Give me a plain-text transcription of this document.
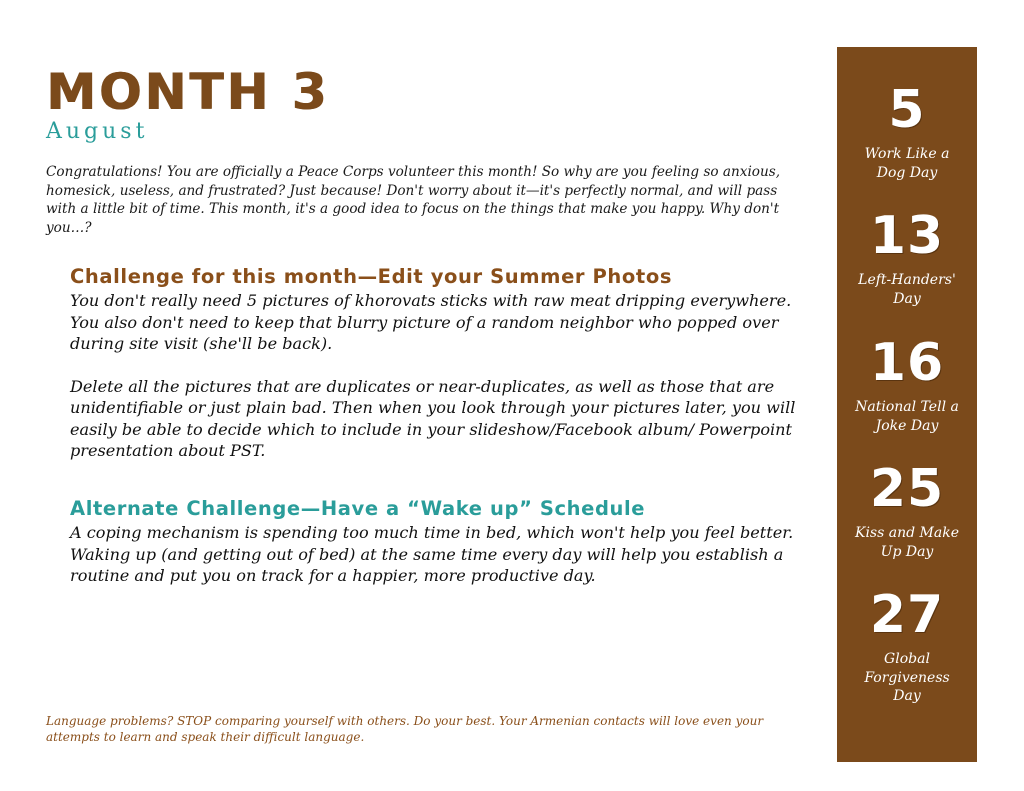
MONTH 3
August

Congratulations! You are officially a Peace Corps volunteer this month! So why are you feeling so anxious, homesick, useless, and frustrated? Just because! Don't worry about it—it's perfectly normal, and will pass with a little bit of time. This month, it's a good idea to focus on the things that make you happy. Why don't you…?

Challenge for this month—Edit your Summer Photos

You don't really need 5 pictures of khorovats sticks with raw meat dripping everywhere. You also don't need to keep that blurry picture of a random neighbor who popped over during site visit (she'll be back).

Delete all the pictures that are duplicates or near-duplicates, as well as those that are unidentifiable or just plain bad. Then when you look through your pictures later, you will easily be able to decide which to include in your slideshow/Facebook album/ Powerpoint presentation about PST.

Alternate Challenge—Have a “Wake up” Schedule

A coping mechanism is spending too much time in bed, which won't help you feel better. Waking up (and getting out of bed) at the same time every day will help you establish a routine and put you on track for a happier, more productive day.

Language problems? STOP comparing yourself with others. Do your best. Your Armenian contacts will love even your attempts to learn and speak their difficult language.

5
Work Like a Dog Day
13
Left-Handers' Day
16
National Tell a Joke Day
25
Kiss and Make Up Day
27
Global Forgiveness Day
